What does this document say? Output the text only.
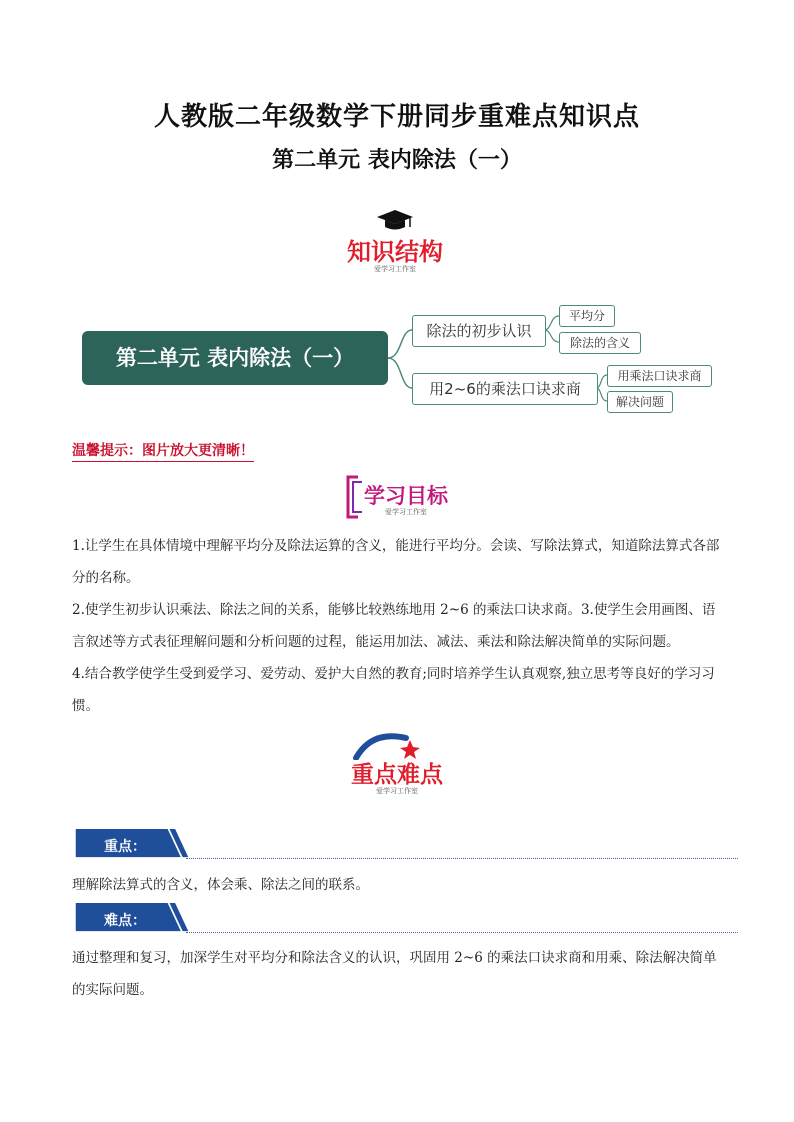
人教版二年级数学下册同步重难点知识点
第二单元 表内除法（一）
知识结构
爱学习工作室
第二单元 表内除法（一）
除法的初步认识
平均分
除法的含义
用2~6的乘法口诀求商
用乘法口诀求商
解决问题
温馨提示：图片放大更清晰！
学习目标
爱学习工作室

1.让学生在具体情境中理解平均分及除法运算的含义，能进行平均分。会读、写除法算式，知道除法算式各部分的名称。

2.使学生初步认识乘法、除法之间的关系，能够比较熟练地用 2~6 的乘法口诀求商。3.使学生会用画图、语言叙述等方式表征理解问题和分析问题的过程，能运用加法、减法、乘法和除法解决简单的实际问题。

4.结合教学使学生受到爱学习、爱劳动、爱护大自然的教育;同时培养学生认真观察,独立思考等良好的学习习惯。

重点难点
爱学习工作室
重点：
理解除法算式的含义，体会乘、除法之间的联系。
难点：
通过整理和复习，加深学生对平均分和除法含义的认识，巩固用 2~6 的乘法口诀求商和用乘、除法解决简单的实际问题。
